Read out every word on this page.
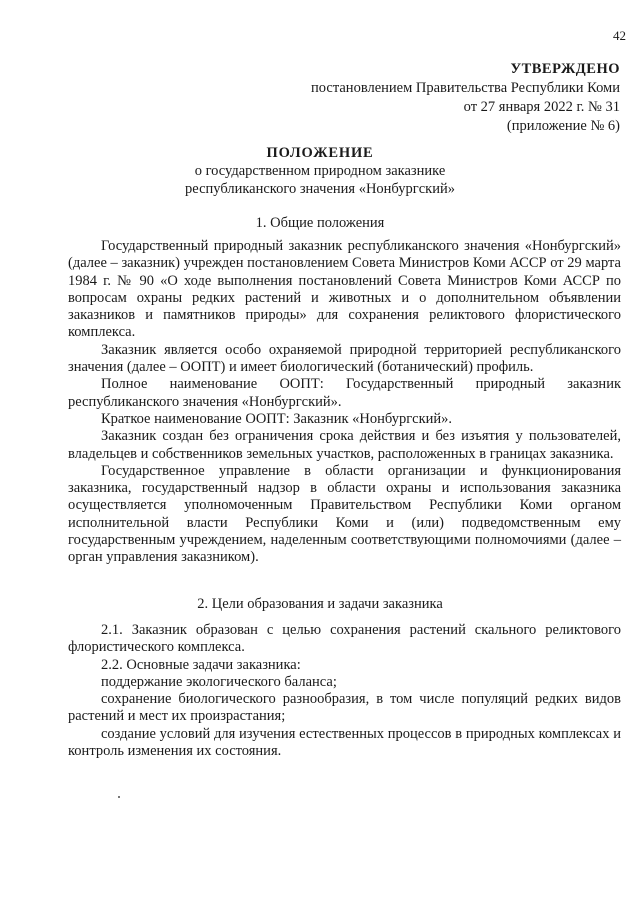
42
УТВЕРЖДЕНО
постановлением Правительства Республики Коми
от 27 января 2022 г. № 31
(приложение № 6)
ПОЛОЖЕНИЕ
о государственном природном заказнике
республиканского значения «Нонбургский»
1. Общие положения

Государственный природный заказник республиканского значения «Нонбургский» (далее – заказник) учрежден постановлением Совета Министров Коми АССР от 29 марта 1984 г. № 90 «О ходе выполнения постановлений Совета Министров Коми АССР по вопросам охраны редких растений и животных и о дополнительном объявлении заказников и памятников природы» для сохранения реликтового флористического комплекса.

Заказник является особо охраняемой природной территорией республиканского значения (далее – ООПТ) и имеет биологический (ботанический) профиль.

Полное наименование ООПТ: Государственный природный заказник республиканского значения «Нонбургский».

Краткое наименование ООПТ: Заказник «Нонбургский».

Заказник создан без ограничения срока действия и без изъятия у пользователей, владельцев и собственников земельных участков, расположенных в границах заказника.

Государственное управление в области организации и функционирования заказника, государственный надзор в области охраны и использования заказника осуществляется уполномоченным Правительством Республики Коми органом исполнительной власти Республики Коми и (или) подведомственным ему государственным учреждением, наделенным соответствующими полномочиями (далее – орган управления заказником).

2. Цели образования и задачи заказника

2.1. Заказник образован с целью сохранения растений скального реликтового флористического комплекса.

2.2. Основные задачи заказника:

поддержание экологического баланса;

сохранение биологического разнообразия, в том числе популяций редких видов растений и мест их произрастания;

создание условий для изучения естественных процессов в природных комплексах и контроль изменения их состояния.
